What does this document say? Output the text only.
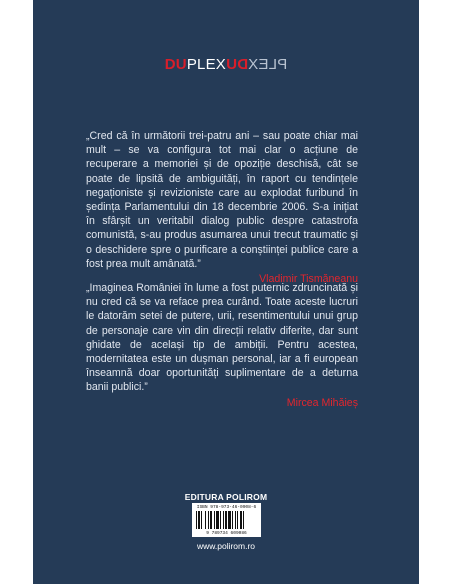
DUPLEX PLEXDU
„Cred că în următorii trei-patru ani – sau poate chiar mai mult – se va configura tot mai clar o acțiune de recuperare a memoriei și de opoziție deschisă, cât se poate de lipsită de ambiguități, în raport cu tendințele negaționiste și revizioniste care au explodat furibund în ședința Parlamentului din 18 decembrie 2006. S-a inițiat în sfârșit un veritabil dialog public despre catastrofa comunistă, s-au produs asumarea unui trecut traumatic și o deschidere spre o purificare a conștiinței publice care a fost prea mult amânată.”
Vladimir Tismăneanu
„Imaginea României în lume a fost puternic zdruncinată și nu cred că se va reface prea curând. Toate aceste lucruri le datorăm setei de putere, urii, resentimentului unui grup de personaje care vin din direcții relativ diferite, dar sunt ghidate de același tip de ambiții. Pentru acestea, modernitatea este un dușman personal, iar a fi european înseamnă doar oportunități suplimentare de a deturna banii publici.”
Mircea Mihăieș
EDITURA POLIROM
ISBN 978-973-46-0908-6
9 789734 609086
www.polirom.ro
